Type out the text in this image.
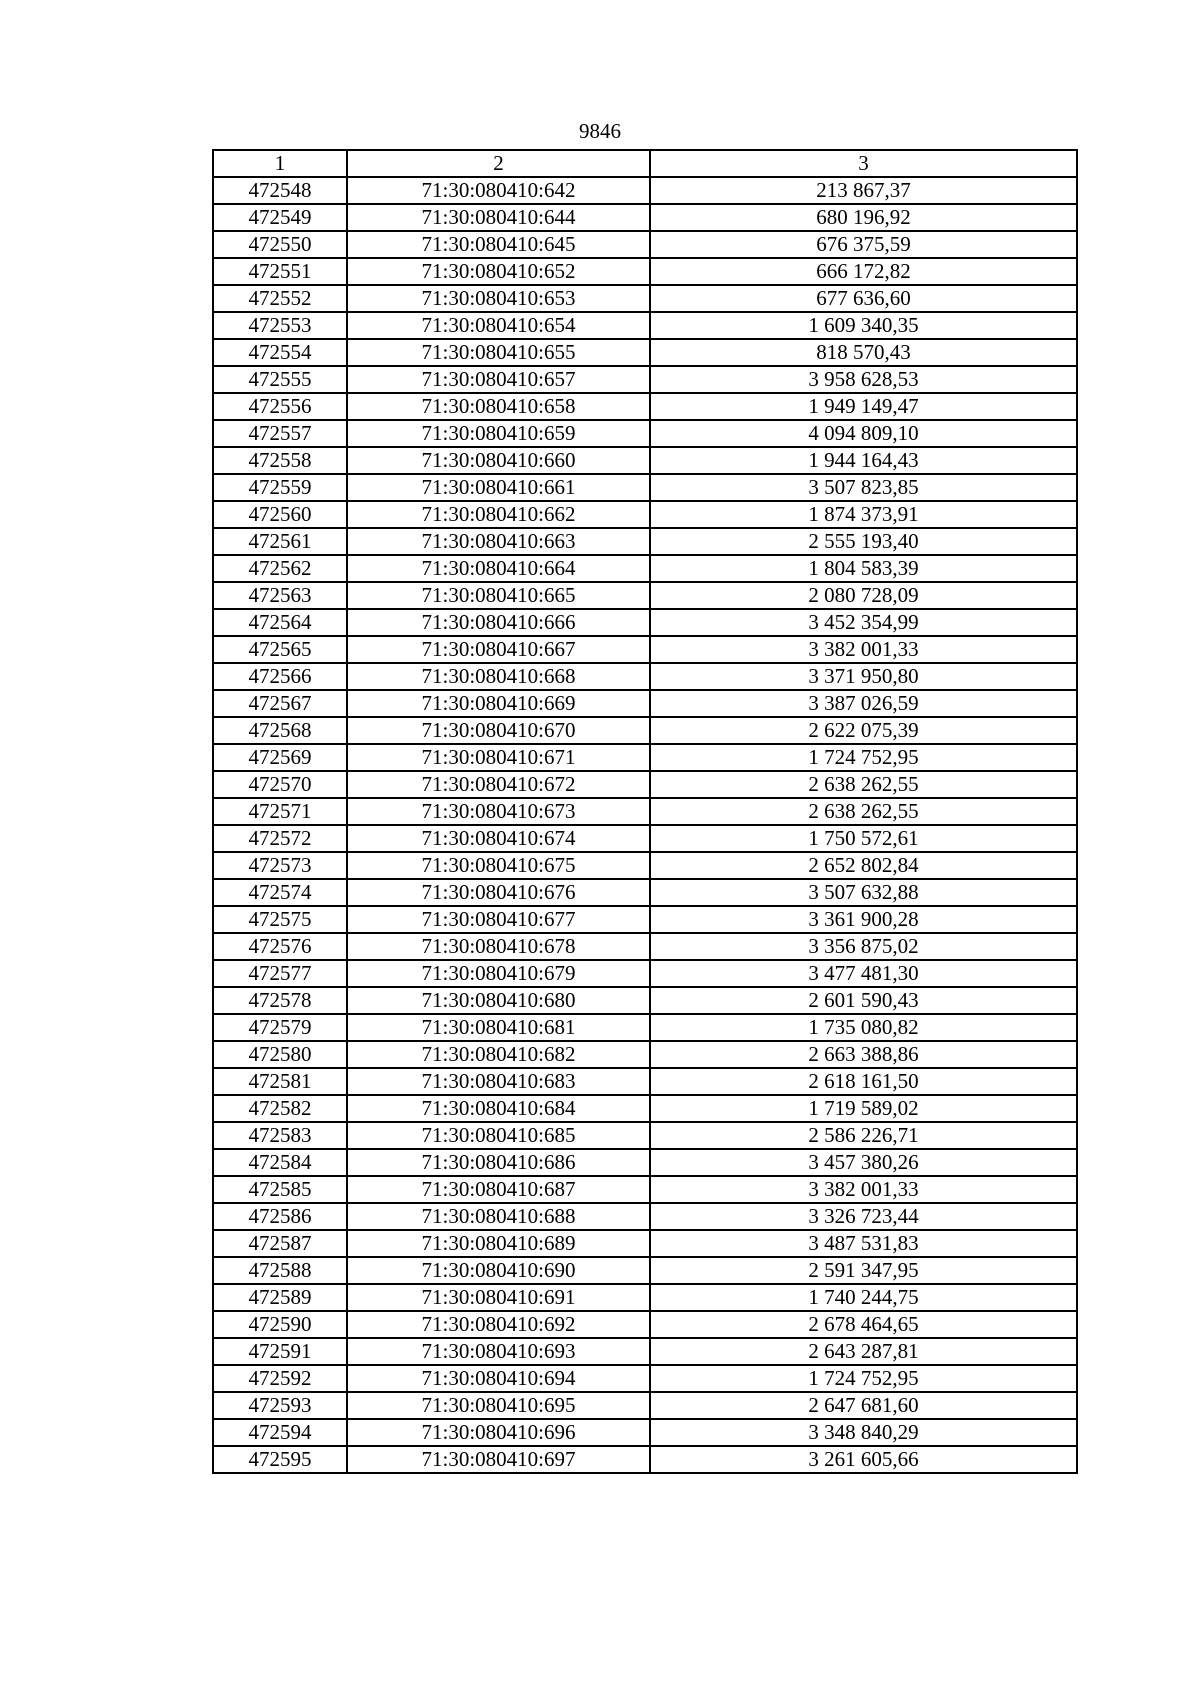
9846
1	2	3
472548	71:30:080410:642	213 867,37
472549	71:30:080410:644	680 196,92
472550	71:30:080410:645	676 375,59
472551	71:30:080410:652	666 172,82
472552	71:30:080410:653	677 636,60
472553	71:30:080410:654	1 609 340,35
472554	71:30:080410:655	818 570,43
472555	71:30:080410:657	3 958 628,53
472556	71:30:080410:658	1 949 149,47
472557	71:30:080410:659	4 094 809,10
472558	71:30:080410:660	1 944 164,43
472559	71:30:080410:661	3 507 823,85
472560	71:30:080410:662	1 874 373,91
472561	71:30:080410:663	2 555 193,40
472562	71:30:080410:664	1 804 583,39
472563	71:30:080410:665	2 080 728,09
472564	71:30:080410:666	3 452 354,99
472565	71:30:080410:667	3 382 001,33
472566	71:30:080410:668	3 371 950,80
472567	71:30:080410:669	3 387 026,59
472568	71:30:080410:670	2 622 075,39
472569	71:30:080410:671	1 724 752,95
472570	71:30:080410:672	2 638 262,55
472571	71:30:080410:673	2 638 262,55
472572	71:30:080410:674	1 750 572,61
472573	71:30:080410:675	2 652 802,84
472574	71:30:080410:676	3 507 632,88
472575	71:30:080410:677	3 361 900,28
472576	71:30:080410:678	3 356 875,02
472577	71:30:080410:679	3 477 481,30
472578	71:30:080410:680	2 601 590,43
472579	71:30:080410:681	1 735 080,82
472580	71:30:080410:682	2 663 388,86
472581	71:30:080410:683	2 618 161,50
472582	71:30:080410:684	1 719 589,02
472583	71:30:080410:685	2 586 226,71
472584	71:30:080410:686	3 457 380,26
472585	71:30:080410:687	3 382 001,33
472586	71:30:080410:688	3 326 723,44
472587	71:30:080410:689	3 487 531,83
472588	71:30:080410:690	2 591 347,95
472589	71:30:080410:691	1 740 244,75
472590	71:30:080410:692	2 678 464,65
472591	71:30:080410:693	2 643 287,81
472592	71:30:080410:694	1 724 752,95
472593	71:30:080410:695	2 647 681,60
472594	71:30:080410:696	3 348 840,29
472595	71:30:080410:697	3 261 605,66
